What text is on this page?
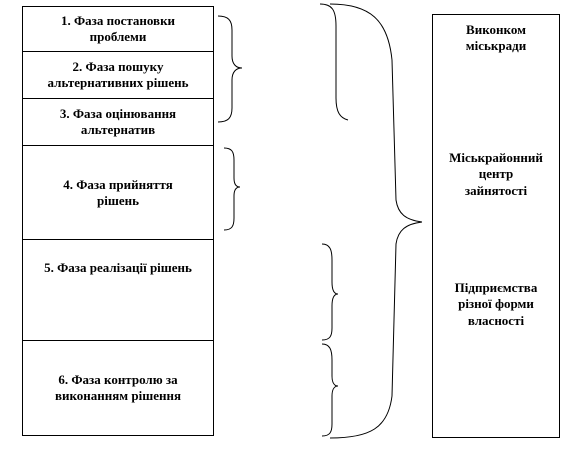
1. Фаза постановки
проблеми
2. Фаза пошуку
альтернативних рішень
3. Фаза оцінювання
альтернатив
4. Фаза прийняття
рішень
5. Фаза реалізації рішень
6. Фаза контролю за
виконанням рішення
Виконком
міськради
Міськрайонний
центр
зайнятості
Підприємства
різної форми
власності
